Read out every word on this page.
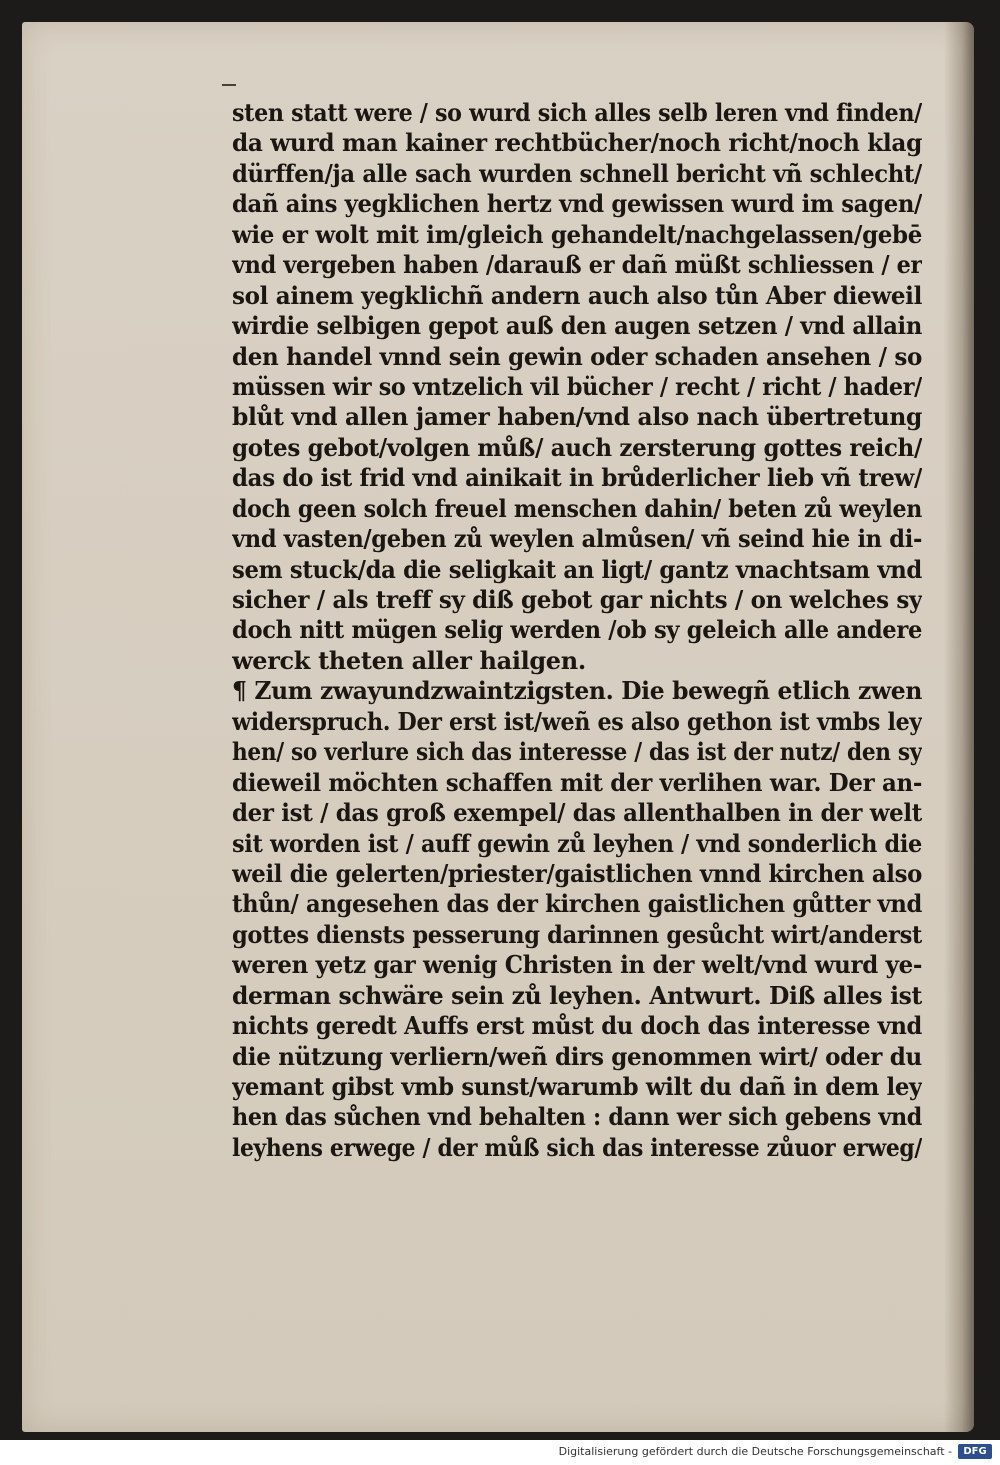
sten statt were / so wurd sich alles selb leren vnd finden/
da wurd man kainer rechtbücher/noch richt/noch klag
dürffen/ja alle sach wurden schnell bericht vñ schlecht/
dañ ains yegklichen hertz vnd gewissen wurd im sagen/
wie er wolt mit im/gleich gehandelt/nachgelassen/gebē
vnd vergeben haben /darauß er dañ müßt schliessen / er
sol ainem yegklichñ andern auch also tůn Aber dieweil
wirdie selbigen gepot auß den augen setzen / vnd allain
den handel vnnd sein gewin oder schaden ansehen / so
müssen wir so vntzelich vil bücher / recht / richt / hader/
blůt vnd allen jamer haben/vnd also nach übertretung
gotes gebot/volgen můß/ auch zersterung gottes reich/
das do ist frid vnd ainikait in brůderlicher lieb vñ trew/
doch geen solch freuel menschen dahin/ beten zů weylen
vnd vasten/geben zů weylen almůsen/ vñ seind hie in di-
sem stuck/da die seligkait an ligt/ gantz vnachtsam vnd
sicher / als treff sy diß gebot gar nichts / on welches sy
doch nitt mügen selig werden /ob sy geleich alle andere
werck theten aller hailgen.
¶ Zum zwayundzwaintzigsten. Die bewegñ etlich zwen
widerspruch. Der erst ist/weñ es also gethon ist vmbs ley
hen/ so verlure sich das interesse / das ist der nutz/ den sy
dieweil möchten schaffen mit der verlihen war. Der an-
der ist / das groß exempel/ das allenthalben in der welt
sit worden ist / auff gewin zů leyhen / vnd sonderlich die
weil die gelerten/priester/gaistlichen vnnd kirchen also
thůn/ angesehen das der kirchen gaistlichen gůtter vnd
gottes diensts pesserung darinnen gesůcht wirt/anderst
weren yetz gar wenig Christen in der welt/vnd wurd ye-
derman schwäre sein zů leyhen. Antwurt. Diß alles ist
nichts geredt Auffs erst můst du doch das interesse vnd
die nützung verliern/weñ dirs genommen wirt/ oder du
yemant gibst vmb sunst/warumb wilt du dañ in dem ley
hen das sůchen vnd behalten : dann wer sich gebens vnd
leyhens erwege / der můß sich das interesse zůuor erweg/
Digitalisierung gefördert durch die Deutsche Forschungsgemeinschaft -	DFG
